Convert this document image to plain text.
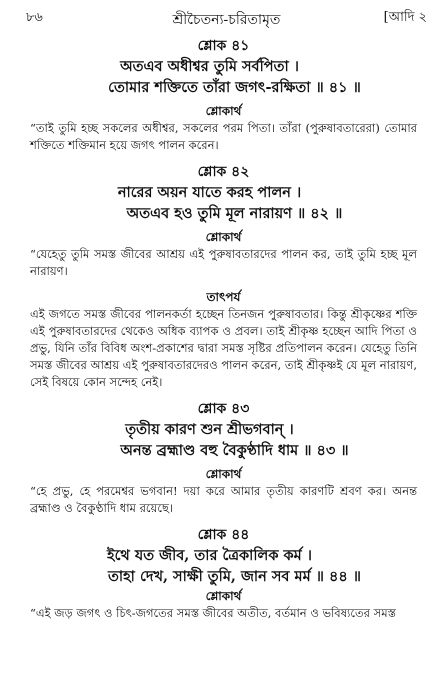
৮৬	শ্রীচৈতন্য-চরিতামৃত	[আদি ২

শ্লোক ৪১

অতএব অধীশ্বর তুমি সর্বপিতা ।

তোমার শক্তিতে তাঁরা জগৎ-রক্ষিতা ॥ ৪১ ॥

শ্লোকার্থ

“তাই তুমি হচ্ছ সকলের অধীশ্বর, সকলের পরম পিতা। তাঁরা (পুরুষাবতারেরা) তোমার শক্তিতে শক্তিমান হয়ে জগৎ পালন করেন।

শ্লোক ৪২

নারের অয়ন যাতে করহ পালন ।

অতএব হও তুমি মূল নারায়ণ ॥ ৪২ ॥

শ্লোকার্থ

“যেহেতু তুমি সমস্ত জীবের আশ্রয় এই পুরুষাবতারদের পালন কর, তাই তুমি হচ্ছ মূল নারায়ণ।

তাৎপর্য

এই জগতে সমস্ত জীবের পালনকর্তা হচ্ছেন তিনজন পুরুষাবতার। কিন্তু শ্রীকৃষ্ণের শক্তি এই পুরুষাবতারদের থেকেও অধিক ব্যাপক ও প্রবল। তাই শ্রীকৃষ্ণ হচ্ছেন আদি পিতা ও প্রভু, যিনি তাঁর বিবিধ অংশ-প্রকাশের দ্বারা সমস্ত সৃষ্টির প্রতিপালন করেন। যেহেতু তিনি সমস্ত জীবের আশ্রয় এই পুরুষাবতারদেরও পালন করেন, তাই শ্রীকৃষ্ণই যে মূল নারায়ণ, সেই বিষয়ে কোন সন্দেহ নেই।

শ্লোক ৪৩

তৃতীয় কারণ শুন শ্রীভগবান্ ।

অনন্ত ব্রহ্মাণ্ড বহু বৈকুণ্ঠাদি ধাম ॥ ৪৩ ॥

শ্লোকার্থ

“হে প্রভু, হে পরমেশ্বর ভগবান! দয়া করে আমার তৃতীয় কারণটি শ্রবণ কর। অনন্ত ব্রহ্মাণ্ড ও বৈকুণ্ঠাদি ধাম রয়েছে।

শ্লোক ৪৪

ইথে যত জীব, তার ত্রৈকালিক কর্ম ।

তাহা দেখ, সাক্ষী তুমি, জান সব মর্ম ॥ ৪৪ ॥

শ্লোকার্থ

“এই জড় জগৎ ও চিৎ-জগতের সমস্ত জীবের অতীত, বর্তমান ও ভবিষ্যতের সমস্ত
